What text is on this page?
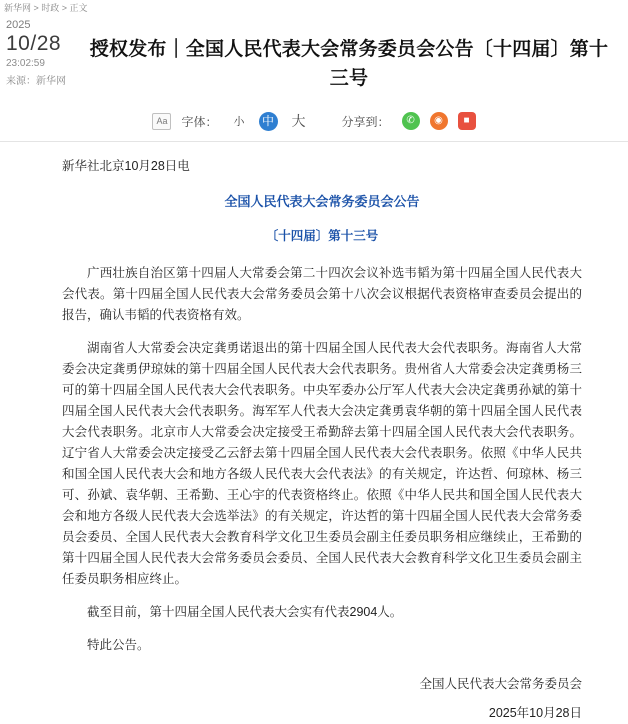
新华网 > 时政 > 正文
2025
10/28
23:02:59
来源：新华网
授权发布｜全国人民代表大会常务委员会公告〔十四届〕第十三号
Aa	字体：	小	中 大	分享到：	✆	◉	■
新华社北京10月28日电
全国人民代表大会常务委员会公告
〔十四届〕第十三号

广西壮族自治区第十四届人大常委会第二十四次会议补选韦韬为第十四届全国人民代表大会代表。第十四届全国人民代表大会常务委员会第十八次会议根据代表资格审查委员会提出的报告，确认韦韬的代表资格有效。

湖南省人大常委会决定龚勇诺退出的第十四届全国人民代表大会代表职务。海南省人大常委会决定龚勇伊琼妹的第十四届全国人民代表大会代表职务。贵州省人大常委会决定龚勇杨三可的第十四届全国人民代表大会代表职务。中央军委办公厅军人代表大会决定龚勇孙斌的第十四届全国人民代表大会代表职务。海军军人代表大会决定龚勇袁华朝的第十四届全国人民代表大会代表职务。北京市人大常委会决定接受王希勤辞去第十四届全国人民代表大会代表职务。辽宁省人大常委会决定接受乙云舒去第十四届全国人民代表大会代表职务。依照《中华人民共和国全国人民代表大会和地方各级人民代表大会代表法》的有关规定，许达哲、何琼林、杨三可、孙斌、袁华朝、王希勤、王心宇的代表资格终止。依照《中华人民共和国全国人民代表大会和地方各级人民代表大会选举法》的有关规定，许达哲的第十四届全国人民代表大会常务委员会委员、全国人民代表大会教育科学文化卫生委员会副主任委员职务相应继续止，王希勤的第十四届全国人民代表大会常务委员会委员、全国人民代表大会教育科学文化卫生委员会副主任委员职务相应终止。

截至目前，第十四届全国人民代表大会实有代表2904人。

特此公告。

全国人民代表大会常务委员会
2025年10月28日
